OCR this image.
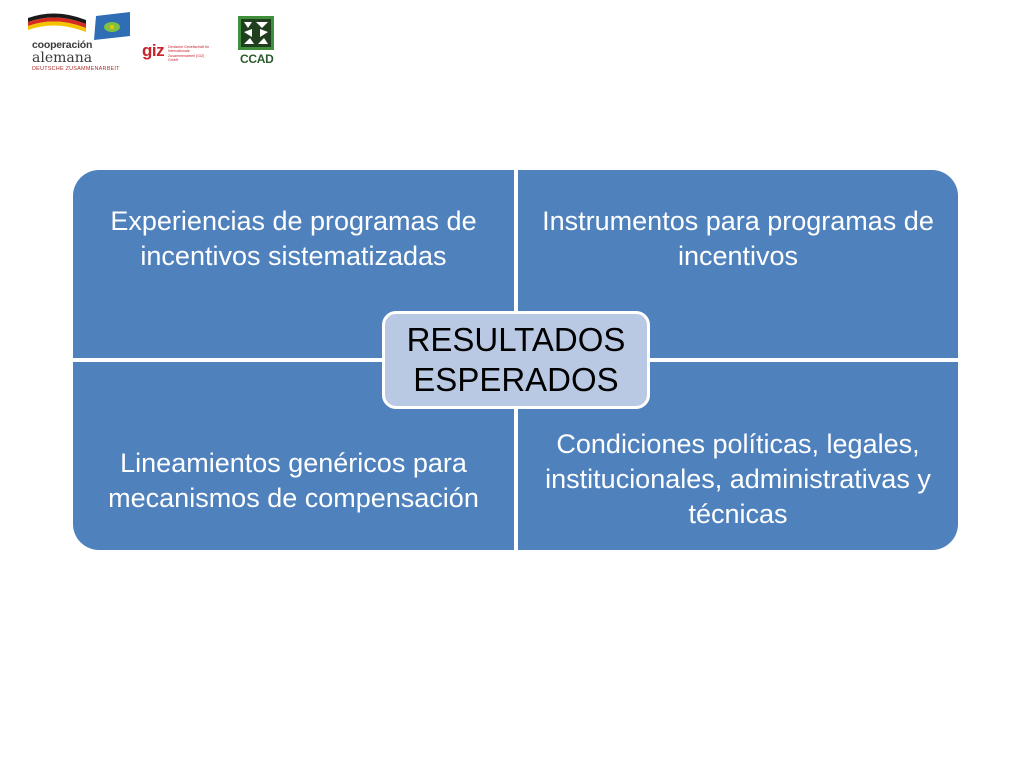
cooperación
alemana
DEUTSCHE ZUSAMMENARBEIT
giz Deutsche Gesellschaft für Internationale Zusammenarbeit (GIZ) GmbH	CCAD
Experiencias de programas de incentivos sistematizadas
Instrumentos para programas de incentivos
Lineamientos genéricos para mecanismos de compensación
Condiciones políticas, legales, institucionales, administrativas y técnicas
RESULTADOS ESPERADOS
